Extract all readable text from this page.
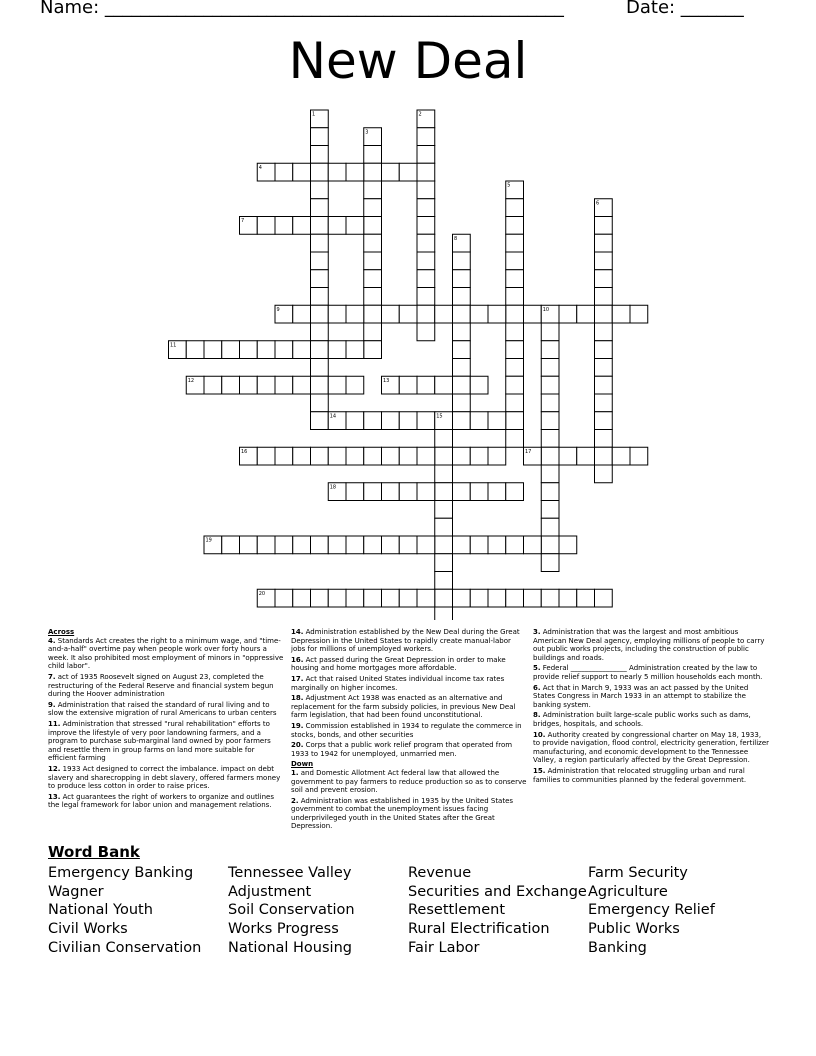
Name: ___________________________________________________	Date: _______
New Deal
1	2
3
4
5
6
7
8
9	10
11
12	13
14	15
16	17
18
19
20
Across
4. Standards Act creates the right to a minimum wage, and "time-and-a-half" overtime pay when people work over forty hours a week. It also prohibited most employment of minors in "oppressive child labor".
7. act of 1935 Roosevelt signed on August 23, completed the restructuring of the Federal Reserve and financial system begun during the Hoover administration
9. Administration that raised the standard of rural living and to slow the extensive migration of rural Americans to urban centers
11. Administration that stressed "rural rehabilitation" efforts to improve the lifestyle of very poor landowning farmers, and a program to purchase sub-marginal land owned by poor farmers and resettle them in group farms on land more suitable for efficient farming
12. 1933 Act designed to correct the imbalance. impact on debt slavery and sharecropping in debt slavery, offered farmers money to produce less cotton in order to raise prices.
13. Act guarantees the right of workers to organize and outlines the legal framework for labor union and management relations.
14. Administration established by the New Deal during the Great Depression in the United States to rapidly create manual-labor jobs for millions of unemployed workers.
16. Act passed during the Great Depression in order to make housing and home mortgages more affordable.
17. Act that raised United States individual income tax rates marginally on higher incomes.
18. Adjustment Act 1938 was enacted as an alternative and replacement for the farm subsidy policies, in previous New Deal farm legislation, that had been found unconstitutional.
19. Commission established in 1934 to regulate the commerce in stocks, bonds, and other securities
20. Corps that a public work relief program that operated from 1933 to 1942 for unemployed, unmarried men.
Down
1. and Domestic Allotment Act federal law that allowed the government to pay farmers to reduce production so as to conserve soil and prevent erosion.
2. Administration was established in 1935 by the United States government to combat the unemployment issues facing underprivileged youth in the United States after the Great Depression.
3. Administration that was the largest and most ambitious American New Deal agency, employing millions of people to carry out public works projects, including the construction of public buildings and roads.
5. Federal ________________ Administration created by the law to provide relief support to nearly 5 million households each month.
6. Act that in March 9, 1933 was an act passed by the United States Congress in March 1933 in an attempt to stabilize the banking system.
8. Administration built large-scale public works such as dams, bridges, hospitals, and schools.
10. Authority created by congressional charter on May 18, 1933, to provide navigation, flood control, electricity generation, fertilizer manufacturing, and economic development to the Tennessee Valley, a region particularly affected by the Great Depression.
15. Administration that relocated struggling urban and rural families to communities planned by the federal government.
Word Bank
Emergency Banking
Wagner
National Youth
Civil Works
Civilian Conservation
Tennessee Valley
Adjustment
Soil Conservation
Works Progress
National Housing
Revenue
Securities and Exchange
Resettlement
Rural Electrification
Fair Labor
Farm Security
Agriculture
Emergency Relief
Public Works
Banking
